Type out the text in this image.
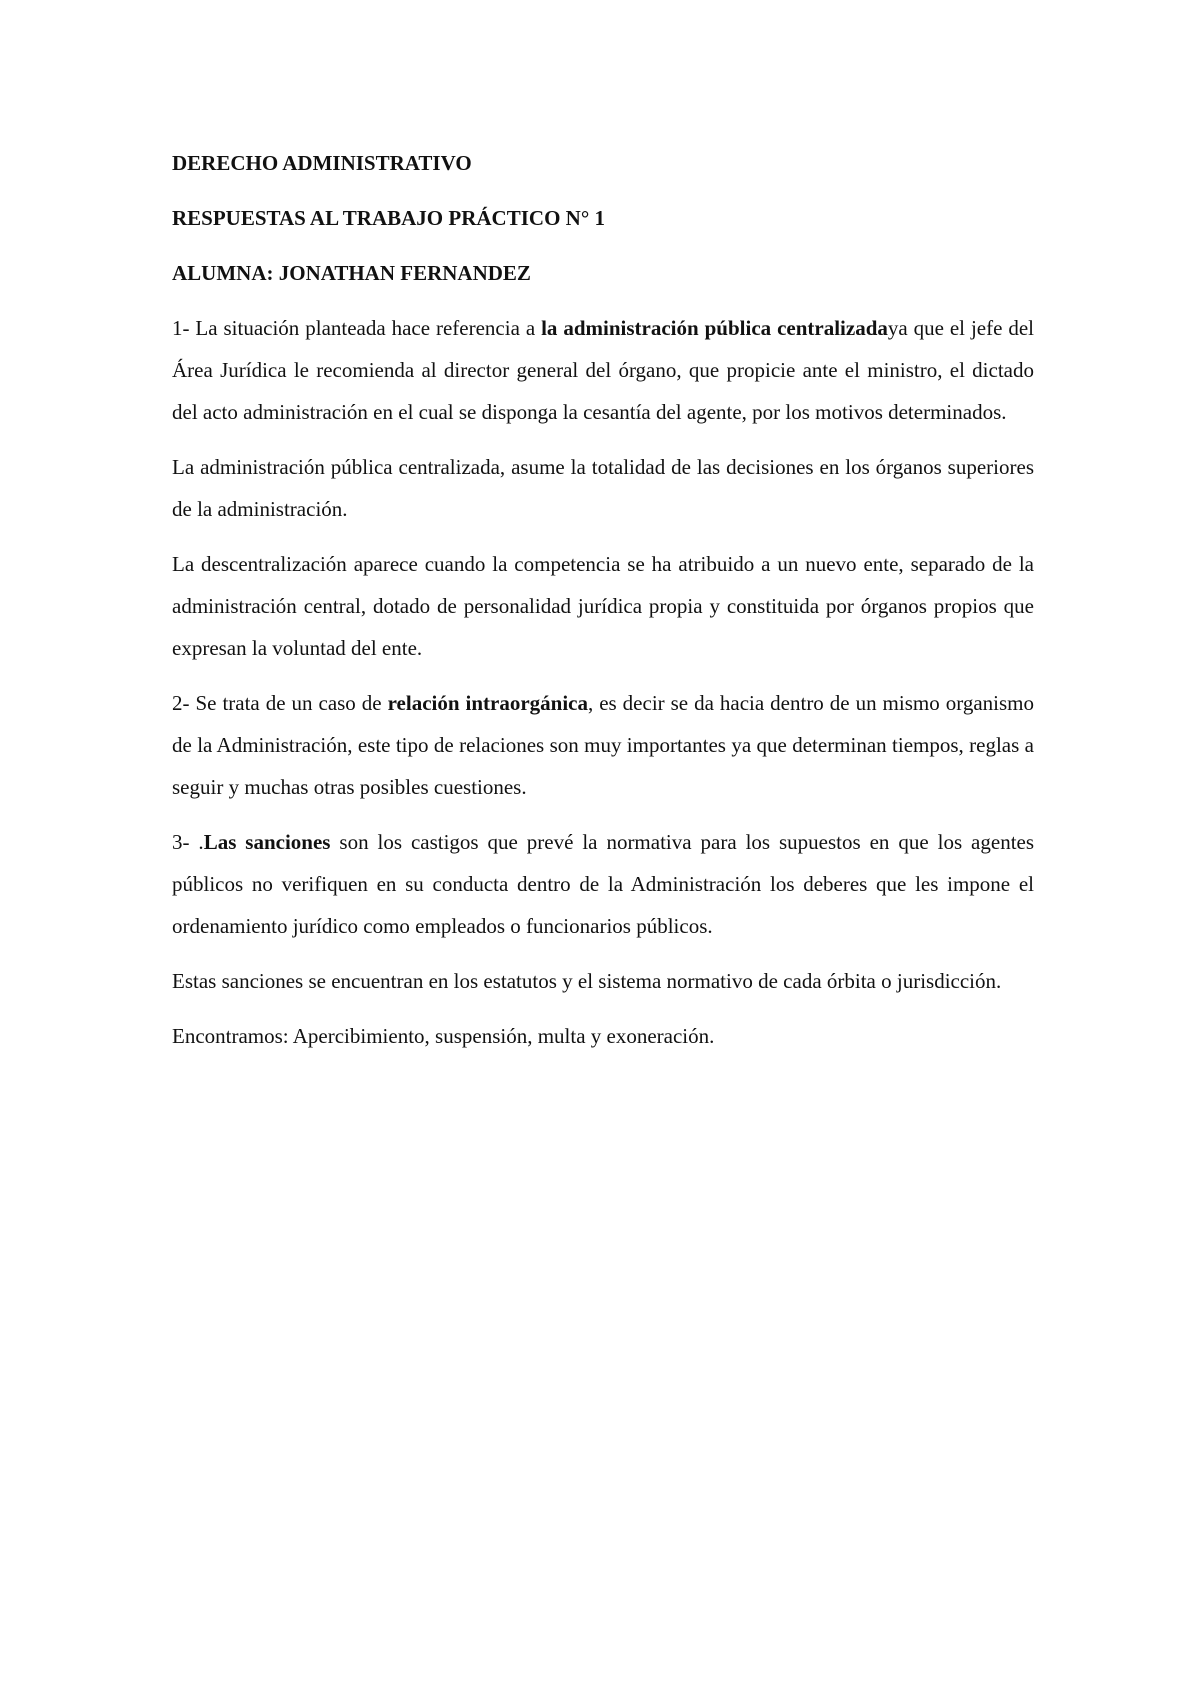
DERECHO ADMINISTRATIVO

RESPUESTAS AL TRABAJO PRÁCTICO N° 1

ALUMNA: JONATHAN FERNANDEZ

1- La situación planteada hace referencia a la administración pública centralizadaya que el jefe del Área Jurídica le recomienda al director general del órgano, que propicie ante el ministro, el dictado del acto administración en el cual se disponga la cesantía del agente, por los motivos determinados.

La administración pública centralizada, asume la totalidad de las decisiones en los órganos superiores de la administración.

La descentralización aparece cuando la competencia se ha atribuido a un nuevo ente, separado de la administración central, dotado de personalidad jurídica propia y constituida por órganos propios que expresan la voluntad del ente.

2- Se trata de un caso de relación intraorgánica, es decir se da hacia dentro de un mismo organismo de la Administración, este tipo de relaciones son muy importantes ya que determinan tiempos, reglas a seguir y muchas otras posibles cuestiones.

3- .Las sanciones son los castigos que prevé la normativa para los supuestos en que los agentes públicos no verifiquen en su conducta dentro de la Administración los deberes que les impone el ordenamiento jurídico como empleados o funcionarios públicos.

Estas sanciones se encuentran en los estatutos y el sistema normativo de cada órbita o jurisdicción.

Encontramos: Apercibimiento, suspensión, multa y exoneración.
